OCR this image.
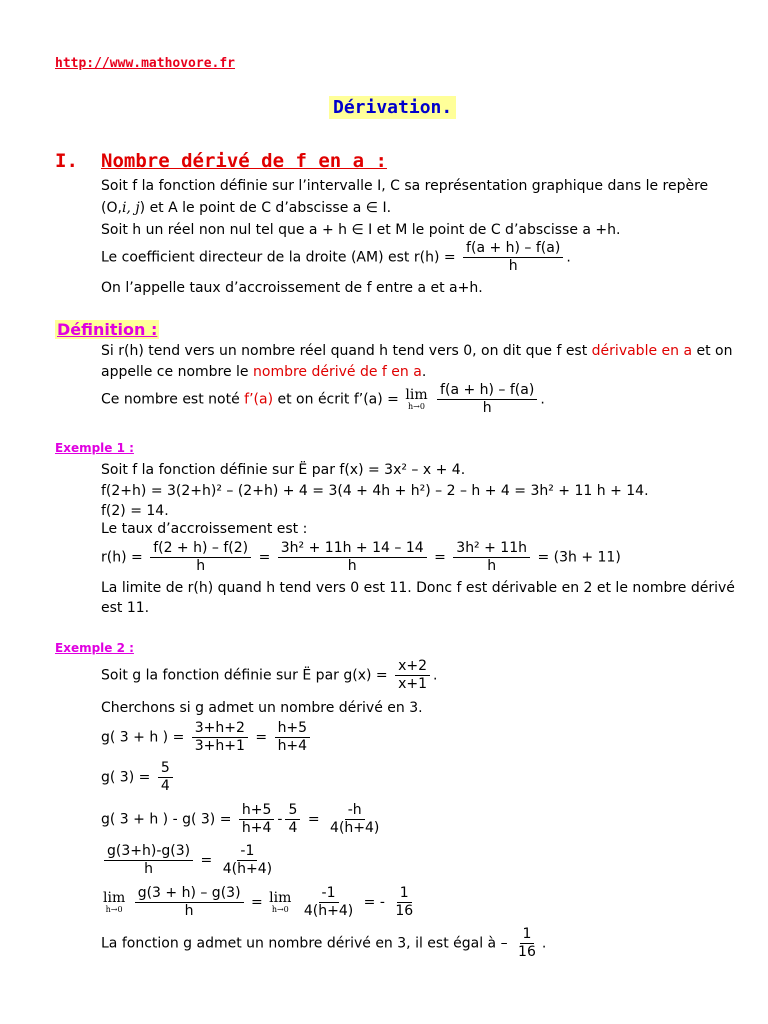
http://www.mathovore.fr
Dérivation.
I. Nombre dérivé de f en a :
Soit f la fonction définie sur l’intervalle I, C sa représentation graphique dans le repère
(O,i, j) et A le point de C d’abscisse a ∈ I.
Soit h un réel non nul tel que a + h ∈ I et M le point de C d’abscisse a +h.
Le coefficient directeur de la droite (AM) est $r(h) = \frac{f(a + h) - f(a)}{h}$ .
On l’appelle taux d’accroissement de f entre a et a+h.
Définition :
Si r(h) tend vers un nombre réel quand h tend vers 0, on dit que f est dérivable en a et on
appelle ce nombre le nombre dérivé de f en a.
Ce nombre est noté f’(a) et on écrit f’(a) = lim
h→0
$\frac{f(a + h) - f(a)}{h}$ .
Exemple 1 :
Soit f la fonction définie sur Ë par f(x) = 3x² – x + 4.
f(2+h) = 3(2+h)² – (2+h) + 4 = 3(4 + 4h + h²) – 2 – h + 4 = 3h² + 11 h + 14.
f(2) = 14.
Le taux d’accroissement est :
$r(h) = \frac{f(2 + h) - f(2)}{h} = \frac{\text{3h² + 11h + 14 – 14}}{h} = \frac{\text{3h² + 11h}}{h} = (3h + 11)$
La limite de r(h) quand h tend vers 0 est 11. Donc f est dérivable en 2 et le nombre dérivé
est 11.
Exemple 2 :
Soit g la fonction définie sur Ë par $g(x) = \frac{x+2}{x+1}$ .
Cherchons si g admet un nombre dérivé en 3.
g( 3 + h ) = $\frac{3+h+2}{3+h+1} = \frac{h+5}{h+4}$
g( $3) = \frac{5}{4}$
g( 3 + h ) - g( $3) = \frac{h+5}{h+4} - \frac{5}{4} = \frac{-h}{4(h+4)}$
$\frac{g(3+h)-g(3)}{h} = \frac{-1}{4(h+4)}$
lim
h→0
$\frac{g(3 + h) - g(3)}{h} = \lim$
h→0
$\frac{-1}{4(h+4)}$ = - $\frac{1}{16}$
La fonction g admet un nombre dérivé en 3, il est égal à – $\frac{1}{16}$ .
